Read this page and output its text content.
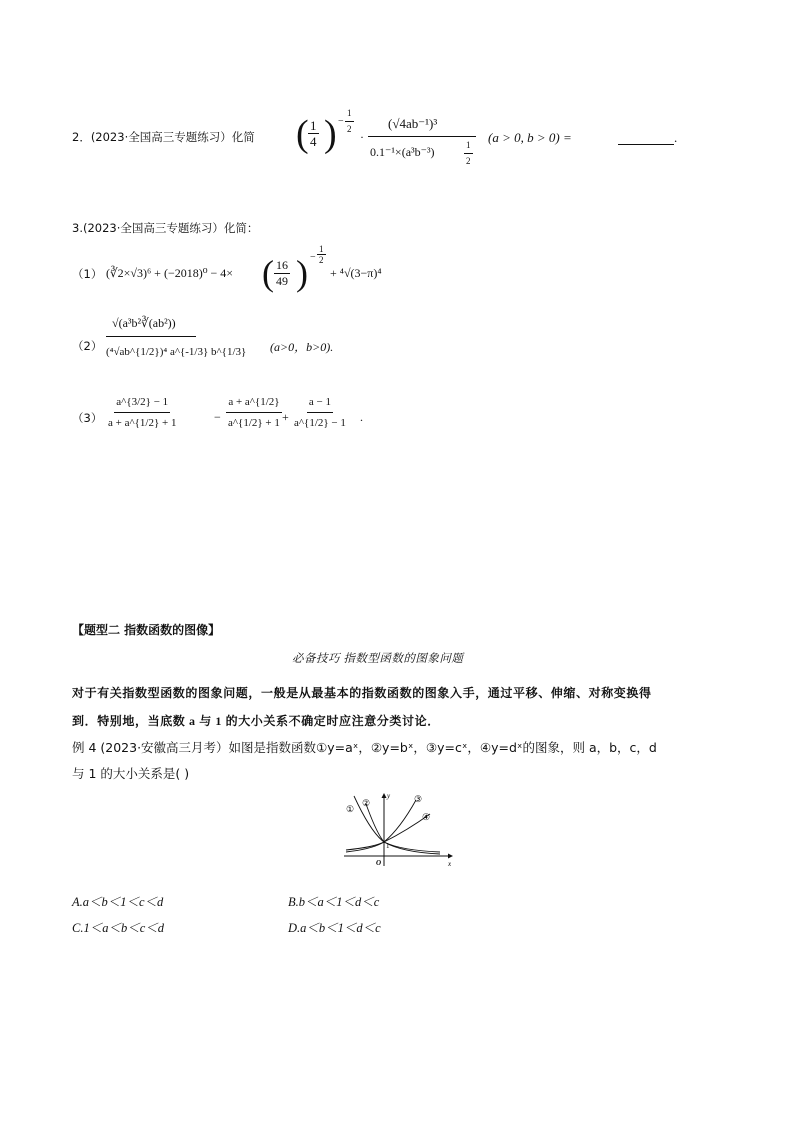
2．(2023·全国高三专题练习）化简 ( $\frac{1}{4}$ ) − $\frac{1}{2}$ ·
(√4ab⁻¹)³
0.1⁻¹×(a³b⁻³)	$\frac{1}{2}$
(a > 0, b > 0) =	.
3.(2023·全国高三专题练习）化简：
（1） (∛2×√3)⁶ + (−2018)⁰ − 4× ( $\frac{16}{49}$ ) − $\frac{1}{2}$
+ ⁴√(3−π)⁴
（2）
√(a³b²∛(ab²))
(⁴√ab^{1/2})⁴ a^{-1/3} b^{1/3} (a>0，b>0).
$(3) \frac{a\^{}\{3/2\} - 1}{a + a\^{}\{1/2\} + 1}$	− $\frac{a + a\^{}\{1/2\}}{a\^{}\{1/2\} + 1} + \frac{a - 1}{a\^{}\{1/2\} - 1}$ .
【题型二 指数函数的图像】
必备技巧 指数型函数的图象问题
对于有关指数型函数的图象问题，一般是从最基本的指数函数的图象入手，通过平移、伸缩、对称变换得
到．特别地，当底数 a 与 1 的大小关系不确定时应注意分类讨论．
例 4 (2023·安徽高三月考）如图是指数函数①y=aˣ，②y=bˣ，③y=cˣ，④y=dˣ的图象，则 a，b，c，d
与 1 的大小关系是( )
①
②	③
④
y
x
O
1
A.a＜b＜1＜c＜d	B.b＜a＜1＜d＜c
C.1＜a＜b＜c＜d	D.a＜b＜1＜d＜c
